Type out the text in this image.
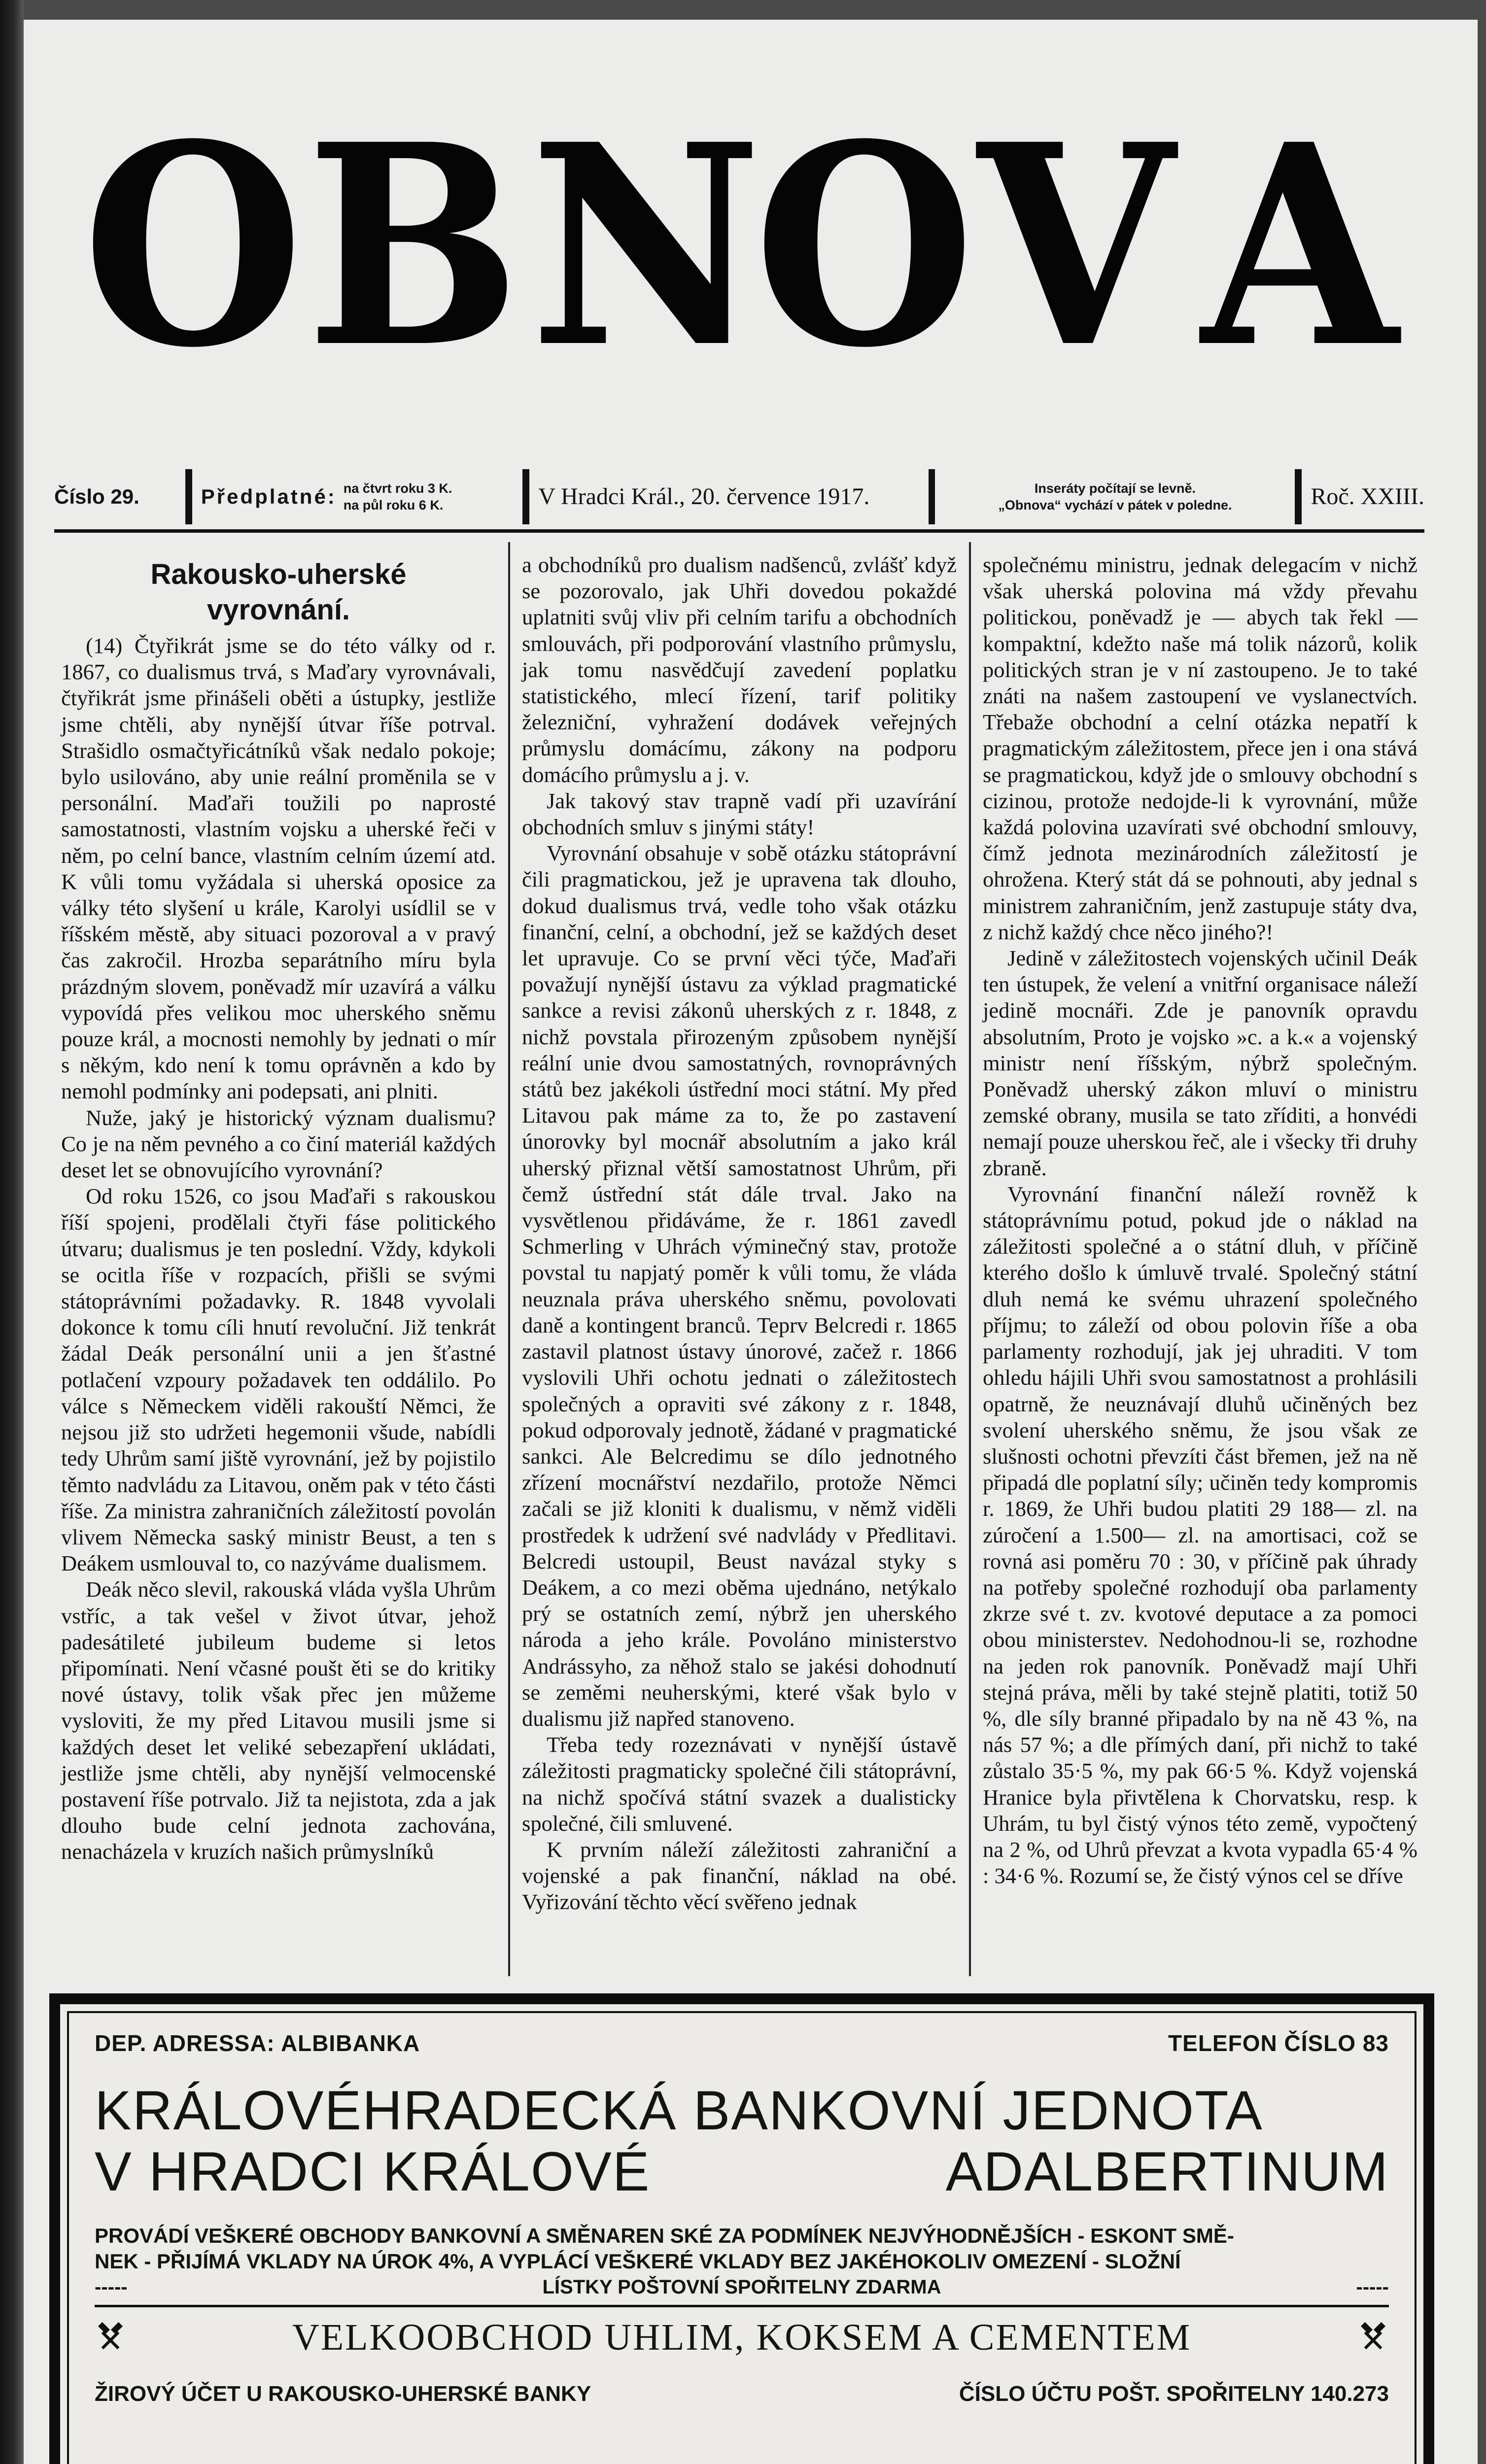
O B N
O V A
Číslo 29.	Předplatné: na čtvrt roku 3 K.
na půl roku 6 K.	V Hradci Král., 20. července 1917.	Inseráty počítají se levně.
„Obnova“ vychází v pátek v poledne.	Roč. XXIII.
Rakousko-uherské
vyrovnání.

(14) Čtyřikrát jsme se do této války od r. 1867, co dualismus trvá, s Maďary vyrovnávali, čtyřikrát jsme přinášeli oběti a ústupky, jestliže jsme chtěli, aby nynější útvar říše potrval. Strašidlo osmačtyřicátníků však nedalo pokoje; bylo usilováno, aby unie reální proměnila se v personální. Maďaři toužili po naprosté samostatnosti, vlastním vojsku a uherské řeči v něm, po celní bance, vlastním celním území atd. K vůli tomu vyžádala si uherská oposice za války této slyšení u krále, Karolyi usídlil se v říšském městě, aby situaci pozoroval a v pravý čas zakročil. Hrozba separátního míru byla prázdným slovem, poněvadž mír uzavírá a válku vypovídá přes velikou moc uherského sněmu pouze král, a mocnosti nemohly by jednati o mír s někým, kdo není k tomu oprávněn a kdo by nemohl podmínky ani podepsati, ani plniti.

Nuže, jaký je historický význam dualismu? Co je na něm pevného a co činí materiál každých deset let se obnovujícího vyrovnání?

Od roku 1526, co jsou Maďaři s rakouskou říší spojeni, prodělali čtyři fáse politického útvaru; dualismus je ten poslední. Vždy, kdykoli se ocitla říše v rozpacích, přišli se svými státoprávními požadavky. R. 1848 vyvolali dokonce k tomu cíli hnutí revoluční. Již tenkrát žádal Deák personální unii a jen šťastné potlačení vzpoury požadavek ten oddálilo. Po válce s Německem viděli rakouští Němci, že nejsou již sto udržeti hegemonii všude, nabídli tedy Uhrům samí jiště vyrovnání, jež by pojistilo těmto nadvládu za Litavou, oněm pak v této části říše. Za ministra zahraničních záležitostí povolán vlivem Německa saský ministr Beust, a ten s Deákem usmlouval to, co nazýváme dualismem.

Deák něco slevil, rakouská vláda vyšla Uhrům vstříc, a tak vešel v život útvar, jehož padesátileté jubileum budeme si letos připomínati. Není včasné poušt ěti se do kritiky nové ústavy, tolik však přec jen můžeme vysloviti, že my před Litavou musili jsme si každých deset let veliké sebezapření ukládati, jestliže jsme chtěli, aby nynější velmocenské postavení říše potrvalo. Již ta nejistota, zda a jak dlouho bude celní jednota zachována, nenacházela v kruzích našich průmyslníků

a obchodníků pro dualism nadšenců, zvlášť když se pozorovalo, jak Uhři dovedou pokaždé uplatniti svůj vliv při celním tarifu a obchodních smlouvách, při podporování vlastního průmyslu, jak tomu nasvědčují zavedení poplatku statistického, mlecí řízení, tarif politiky železniční, vyhražení dodávek veřejných průmyslu domácímu, zákony na podporu domácího průmyslu a j. v.

Jak takový stav trapně vadí při uzavírání obchodních smluv s jinými státy!

Vyrovnání obsahuje v sobě otázku státoprávní čili pragmatickou, jež je upravena tak dlouho, dokud dualismus trvá, vedle toho však otázku finanční, celní, a obchodní, jež se každých deset let upravuje. Co se první věci týče, Maďaři považují nynější ústavu za výklad pragmatické sankce a revisi zákonů uherských z r. 1848, z nichž povstala přirozeným způsobem nynější reální unie dvou samostatných, rovnoprávných států bez jakékoli ústřední moci státní. My před Litavou pak máme za to, že po zastavení únorovky byl mocnář absolutním a jako král uherský přiznal větší samostatnost Uhrům, při čemž ústřední stát dále trval. Jako na vysvětlenou přidáváme, že r. 1861 zavedl Schmerling v Uhrách výminečný stav, protože povstal tu napjatý poměr k vůli tomu, že vláda neuznala práva uherského sněmu, povolovati daně a kontingent branců. Teprv Belcredi r. 1865 zastavil platnost ústavy únorové, začež r. 1866 vyslovili Uhři ochotu jednati o záležitostech společných a opraviti své zákony z r. 1848, pokud odporovaly jednotě, žádané v pragmatické sankci. Ale Belcredimu se dílo jednotného zřízení mocnářství nezdařilo, protože Němci začali se již kloniti k dualismu, v němž viděli prostředek k udržení své nadvlády v Předlitavi. Belcredi ustoupil, Beust navázal styky s Deákem, a co mezi oběma ujednáno, netýkalo prý se ostatních zemí, nýbrž jen uherského národa a jeho krále. Povoláno ministerstvo Andrássyho, za něhož stalo se jakési dohodnutí se zeměmi neuherskými, které však bylo v dualismu již napřed stanoveno.

Třeba tedy rozeznávati v nynější ústavě záležitosti pragmaticky společné čili státoprávní, na nichž spočívá státní svazek a dualisticky společné, čili smluvené.

K prvním náleží záležitosti zahraniční a vojenské a pak finanční, náklad na obé. Vyřizování těchto věcí svěřeno jednak

společnému ministru, jednak delegacím v nichž však uherská polovina má vždy převahu politickou, poněvadž je — abych tak řekl — kompaktní, kdežto naše má tolik názorů, kolik politických stran je v ní zastoupeno. Je to také znáti na našem zastoupení ve vyslanectvích. Třebaže obchodní a celní otázka nepatří k pragmatickým záležitostem, přece jen i ona stává se pragmatickou, když jde o smlouvy obchodní s cizinou, protože nedojde-li k vyrovnání, může každá polovina uzavírati své obchodní smlouvy, čímž jednota mezinárodních záležitostí je ohrožena. Který stát dá se pohnouti, aby jednal s ministrem zahraničním, jenž zastupuje státy dva, z nichž každý chce něco jiného?!

Jedině v záležitostech vojenských učinil Deák ten ústupek, že velení a vnitřní organisace náleží jedině mocnáři. Zde je panovník opravdu absolutním, Proto je vojsko »c. a k.« a vojenský ministr není říšským, nýbrž společným. Poněvadž uherský zákon mluví o ministru zemské obrany, musila se tato zříditi, a honvédi nemají pouze uherskou řeč, ale i všecky tři druhy zbraně.

Vyrovnání finanční náleží rovněž k státoprávnímu potud, pokud jde o náklad na záležitosti společné a o státní dluh, v příčině kterého došlo k úmluvě trvalé. Společný státní dluh nemá ke svému uhrazení společného příjmu; to záleží od obou polovin říše a oba parlamenty rozhodují, jak jej uhraditi. V tom ohledu hájili Uhři svou samostatnost a prohlásili opatrně, že neuznávají dluhů učiněných bez svolení uherského sněmu, že jsou však ze slušnosti ochotni převzíti část břemen, jež na ně připadá dle poplatní síly; učiněn tedy kompromis r. 1869, že Uhři budou platiti 29 188— zl. na zúročení a 1.500— zl. na amortisaci, což se rovná asi poměru 70 : 30, v příčině pak úhrady na potřeby společné rozhodují oba parlamenty zkrze své t. zv. kvotové deputace a za pomoci obou ministerstev. Nedohodnou-li se, rozhodne na jeden rok panovník. Poněvadž mají Uhři stejná práva, měli by také stejně platiti, totiž 50 %, dle síly branné připadalo by na ně 43 %, na nás 57 %; a dle přímých daní, při nichž to také zůstalo 35·5 %, my pak 66·5 %. Když vojenská Hranice byla přivtělena k Chorvatsku, resp. k Uhrám, tu byl čistý výnos této země, vypočtený na 2 %, od Uhrů převzat a kvota vypadla 65·4 % : 34·6 %. Rozumí se, že čistý výnos cel se dříve

DEP. ADRESSA: ALBIBANKA	TELEFON ČÍSLO 83
KRÁLOVÉHRADECKÁ BANKOVNÍ JEDNOTA
V HRADCI KRÁLOVÉ	ADALBERTINUM
PROVÁDÍ VEŠKERÉ OBCHODY BANKOVNÍ A SMĚNAREN SKÉ ZA PODMÍNEK NEJVÝHODNĚJŠÍCH - ESKONT SMĚ-
NEK - PŘIJÍMÁ VKLADY NA ÚROK 4%, A VYPLÁCÍ VEŠKERÉ VKLADY BEZ JAKÉHOKOLIV OMEZENÍ - SLOŽNÍ
-----	LÍSTKY POŠTOVNÍ SPOŘITELNY ZDARMA	-----
VELKOOBCHOD UHLIM, KOKSEM A CEMENTEM
ŽIROVÝ ÚČET U RAKOUSKO-UHERSKÉ BANKY	ČÍSLO ÚČTU POŠT. SPOŘITELNY 140.273
